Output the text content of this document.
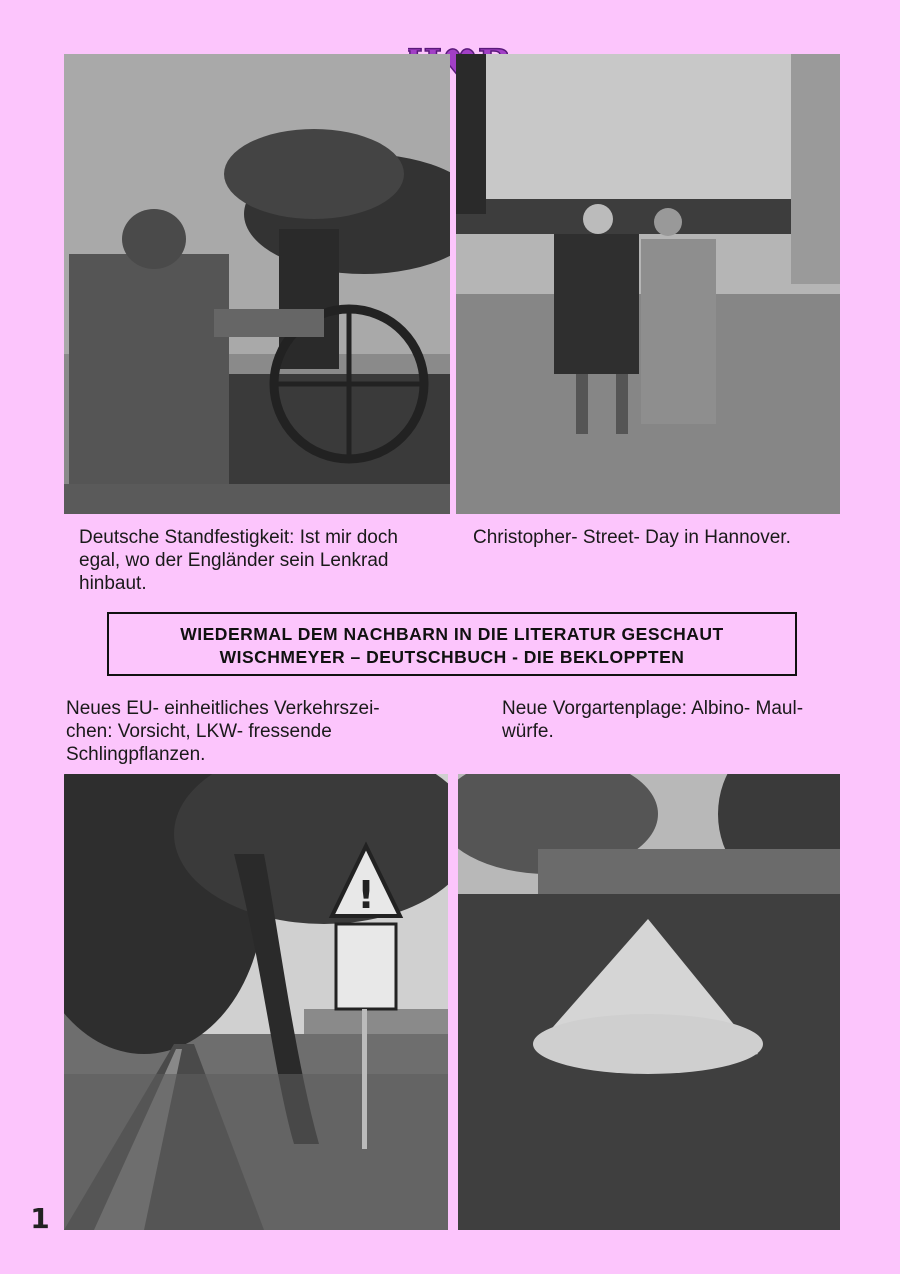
Deutsche Standfestigkeit: Ist mir doch
egal, wo der Engländer sein Lenkrad
hinbaut.
Christopher- Street- Day in Hannover.
WIEDERMAL DEM NACHBARN IN DIE LITERATUR GESCHAUT
WISCHMEYER – DEUTSCHBUCH - DIE BEKLOPPTEN
Neues EU- einheitliches Verkehrszei-
chen: Vorsicht, LKW- fressende
Schlingpflanzen.
Neue Vorgartenplage: Albino- Maul-
würfe.
!
1
